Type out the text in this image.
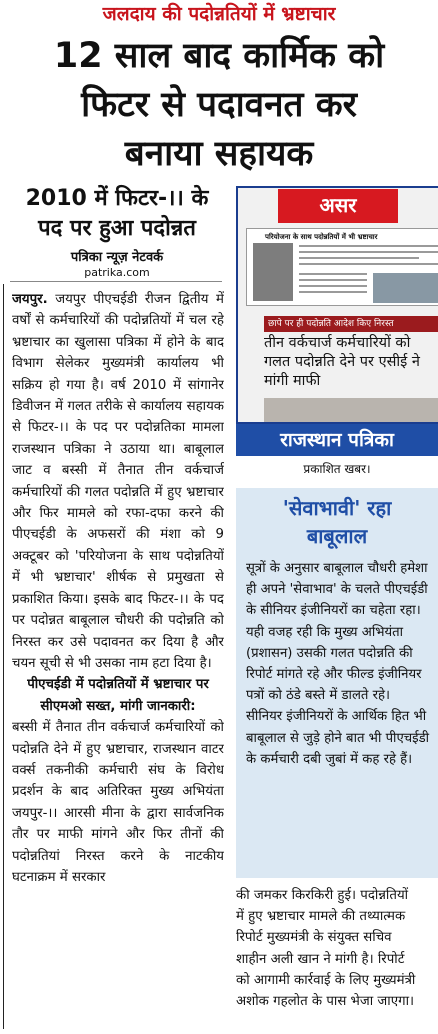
जलदाय की पदोन्नतियों में भ्रष्टाचार
12 साल बाद कार्मिक को
फिटर से पदावनत कर
बनाया सहायक
2010 में फिटर-।। के
पद पर हुआ पदोन्नत
पत्रिका न्यूज़ नेटवर्क
patrika.com

जयपुर. जयपुर पीएचईडी रीजन द्वितीय में वर्षों से कर्मचारियों की पदोन्नतियों में चल रहे भ्रष्टाचार का खुलासा पत्रिका में होने के बाद विभाग सेलेकर मुख्यमंत्री कार्यालय भी सक्रिय हो गया है। वर्ष 2010 में सांगानेर डिवीजन में गलत तरीके से कार्यालय सहायक से फिटर-।। के पद पर पदोन्नतिका मामला राजस्थान पत्रिका ने उठाया था। बाबूलाल जाट व बस्सी में तैनात तीन वर्कचार्ज कर्मचारियों की गलत पदोन्नति में हुए भ्रष्टाचार और फिर मामले को रफा-दफा करने की पीएचईडी के अफसरों की मंशा को 9 अक्टूबर को 'परियोजना के साथ पदोन्नतियों में भी भ्रष्टाचार' शीर्षक से प्रमुखता से प्रकाशित किया। इसके बाद फिटर-।। के पद पर पदोन्नत बाबूलाल चौधरी की पदोन्नति को निरस्त कर उसे पदावनत कर दिया है और चयन सूची से भी उसका नाम हटा दिया है।

पीएचईडी में पदोन्नतियों में भ्रष्टाचार पर सीएमओ सख्त, मांगी जानकारी:

बस्सी में तैनात तीन वर्कचार्ज कर्मचारियों को पदोन्नति देने में हुए भ्रष्टाचार, राजस्थान वाटर वर्क्स तकनीकी कर्मचारी संघ के विरोध प्रदर्शन के बाद अतिरिक्त मुख्य अभियंता जयपुर-।। आरसी मीना के द्वारा सार्वजनिक तौर पर माफी मांगने और फिर तीनों की पदोन्नतियां निरस्त करने के नाटकीय घटनाक्रम में सरकार

परियोजना के साथ पदोन्नतियों में भी भ्रष्टाचार
असर
छापे पर ही पदोन्नति आदेश किए निरस्त
तीन वर्कचार्ज कर्मचारियों को गलत पदोन्नति देने पर एसीई ने मांगी माफी
राजस्थान पत्रिका
प्रकाशित खबर।
'सेवाभावी' रहा
बाबूलाल
सूत्रों के अनुसार बाबूलाल चौधरी हमेशा ही अपने 'सेवाभाव' के चलते पीएचईडी के सीनियर इंजीनियरों का चहेता रहा। यही वजह रही कि मुख्य अभियंता (प्रशासन) उसकी गलत पदोन्नति की रिपोर्ट मांगते रहे और फील्ड इंजीनियर पत्रों को ठंडे बस्ते में डालते रहे। सीनियर इंजीनियरों के आर्थिक हित भी बाबूलाल से जुड़े होने बात भी पीएचईडी के कर्मचारी दबी जुबां में कह रहे हैं।
की जमकर किरकिरी हुई। पदोन्नतियों
में हुए भ्रष्टाचार मामले की तथ्यात्मक
रिपोर्ट मुख्यमंत्री के संयुक्त सचिव
शाहीन अली खान ने मांगी है। रिपोर्ट
को आगामी कार्रवाई के लिए मुख्यमंत्री
अशोक गहलोत के पास भेजा जाएगा।
